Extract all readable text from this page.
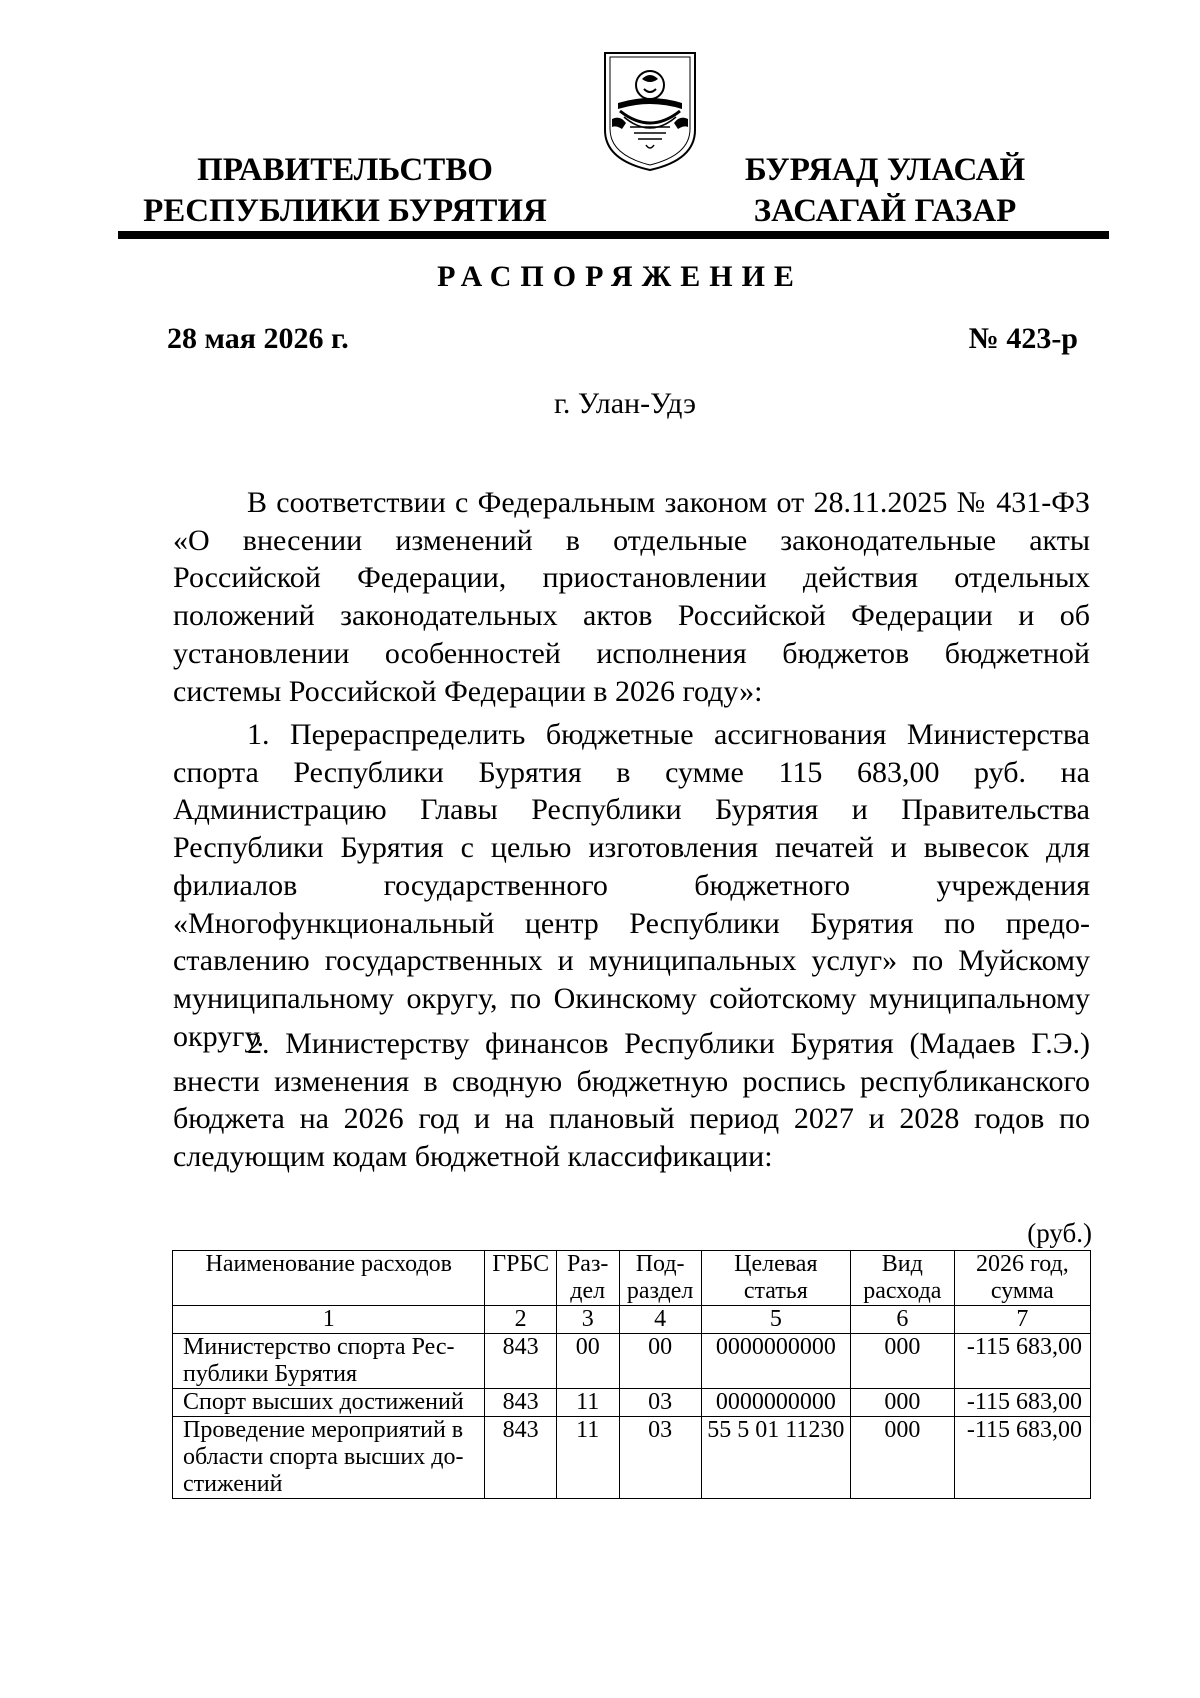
ПРАВИТЕЛЬСТВО
РЕСПУБЛИКИ БУРЯТИЯ
БУРЯАД УЛАСАЙ
ЗАСАГАЙ ГАЗАР
РАСПОРЯЖЕНИЕ
28 мая 2026 г.	№ 423-р
г. Улан-Удэ

В соответствии с Федеральным законом от 28.11.2025 № 431-ФЗ «О внесении изменений в отдельные законодательные акты Российской Федерации, приостановлении действия отдельных положений законодательных актов Российской Федерации и об установлении особенностей исполнения бюджетов бюджетной системы Российской Федерации в 2026 году»:

1. Перераспределить бюджетные ассигнования Министерства спорта Республики Бурятия в сумме 115 683,00 руб. на Администрацию Главы Республики Бурятия и Правительства Республики Бурятия с целью изготовления печатей и вывесок для филиалов государственного бюджетного учреждения «Многофункциональный центр Республики Бурятия по предоставлению государственных и муниципальных услуг» по Муйскому муниципальному округу, по Окинскому сойотскому муниципальному округу.

2. Министерству финансов Республики Бурятия (Мадаев Г.Э.) внести изменения в сводную бюджетную роспись республиканского бюджета на 2026 год и на плановый период 2027 и 2028 годов по следующим кодам бюджетной классификации:

(руб.)
Наименование расходов	ГРБС	Раз-дел	Под-раздел	Целевая статья	Вид расхода	2026 год, сумма
1	2	3	4	5	6	7
Министерство спорта Республики Бурятия	843	00	00	0000000000	000	-115 683,00
Спорт высших достижений	843	11	03	0000000000	000	-115 683,00
Проведение мероприятий в области спорта высших достижений	843	11	03	55 5 01 11230	000	-115 683,00
